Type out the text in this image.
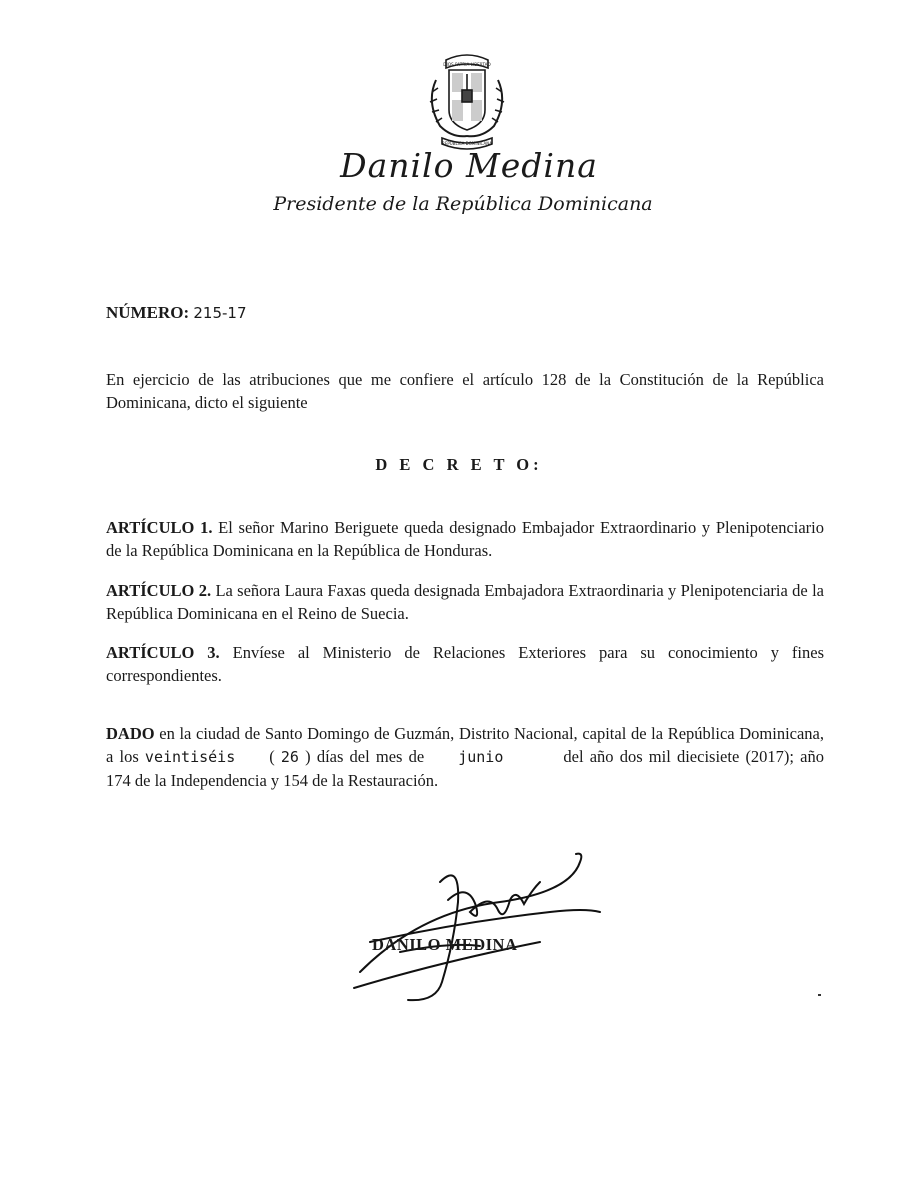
DIOS PATRIA LIBERTAD
REPUBLICA DOMINICANA
Danilo Medina
Presidente de la República Dominicana
NÚMERO: 215-17
En ejercicio de las atribuciones que me confiere el artículo 128 de la Constitución de la República Dominicana, dicto el siguiente
D E C R E T O:
ARTÍCULO 1. El señor Marino Beriguete queda designado Embajador Extraordinario y Plenipotenciario de la República Dominicana en la República de Honduras.
ARTÍCULO 2. La señora Laura Faxas queda designada Embajadora Extraordinaria y Plenipotenciaria de la República Dominicana en el Reino de Suecia.
ARTÍCULO 3. Envíese al Ministerio de Relaciones Exteriores para su conocimiento y fines correspondientes.
DADO en la ciudad de Santo Domingo de Guzmán, Distrito Nacional, capital de la República Dominicana, a los veintiséis ( 26 ) días del mes de junio	del año dos mil diecisiete (2017); año 174 de la Independencia y 154 de la Restauración.
DANILO MEDINA
